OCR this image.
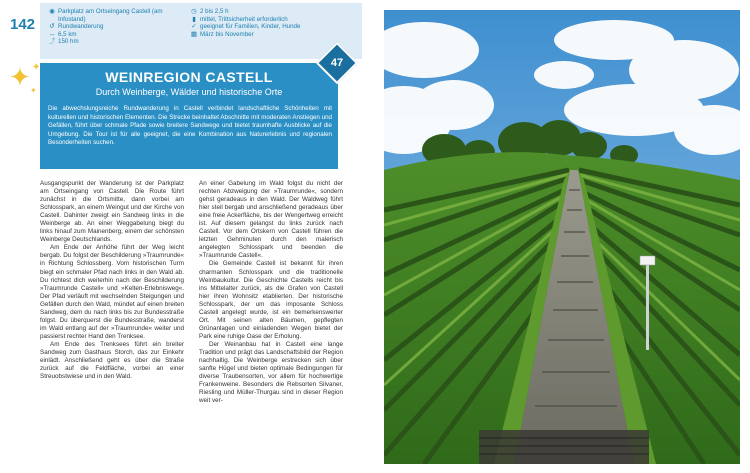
142
◉ Parkplatz am Ortseingang Castell (am Infostand)
↺ Rundwanderung
↔ 6,5 km
⤴ 150 hm
◷ 2 bis 2,5 h
▮ mittel, Trittsicherheit erforderlich
✓ geeignet für Familien, Kinder, Hunde
▦ März bis November
✦ ✦
✦
WEINREGION CASTELL
Durch Weinberge, Wälder und historische Orte
Die abwechslungsreiche Rundwanderung in Castell verbindet landschaftliche Schönheiten mit kulturellen und historischen Elementen. Die Strecke beinhaltet Abschnitte mit moderaten Anstiegen und Gefällen, führt über schmale Pfade sowie breitere Sandwege und bietet traumhafte Ausblicke auf die Umgebung. Die Tour ist für alle geeignet, die eine Kombination aus Naturerlebnis und regionalen Besonderheiten suchen.
47

Ausgangspunkt der Wanderung ist der Parkplatz am Ortseingang von Castell. Die Route führt zunächst in die Ortsmitte, dann vorbei am Schlosspark, an einem Weingut und der Kirche von Castell. Dahinter zweigt ein Sandweg links in die Weinberge ab. An einer Weggabelung biegt du links hinauf zum Mainenberg, einem der schönsten Weinberge Deutschlands.

Am Ende der Anhöhe führt der Weg leicht bergab. Du folgst der Beschilderung »Traumrunde« in Richtung Schlossberg. Vom historischen Turm biegt ein schmaler Pfad nach links in den Wald ab. Du richtest dich weiterhin nach der Beschilderung »Traumrunde Castell« und »Kelten-Erlebnisweg«. Der Pfad verläuft mit wechselnden Steigungen und Gefällen durch den Wald, mündet auf einen breiten Sandweg, dem du nach links bis zur Bundesstraße folgst. Du überquerst die Bundesstraße, wanderst im Wald entlang auf der »Traumrunde« weiter und passierst rechter Hand den Trenksee.

Am Ende des Trenksees führt ein breiter Sandweg zum Gasthaus Storch, das zur Einkehr einlädt. Anschließend geht es über die Straße zurück auf die Feldfläche, vorbei an einer Streuobstwiese und in den Wald.

An einer Gabelung im Wald folgst du nicht der rechten Abzweigung der »Traumrunde«, sondern gehst geradeaus in den Wald. Der Waldweg führt hier steil bergab und anschließend geradeaus über eine freie Ackerfläche, bis der Wengertweg erreicht ist. Auf diesem gelangst du links zurück nach Castell. Vor dem Ortskern von Castell führen die letzten Gehminuten durch den malerisch angelegten Schlosspark und beenden die »Traumrunde Castell«.

Die Gemeinde Castell ist bekannt für ihren charmanten Schlosspark und die traditionelle Weinbaukultur. Die Geschichte Castells reicht bis ins Mittelalter zurück, als die Grafen von Castell hier ihren Wohnsitz etablierten. Der historische Schlosspark, der um das imposante Schloss Castell angelegt wurde, ist ein bemerkenswerter Ort. Mit seinen alten Bäumen, gepflegten Grünanlagen und einladenden Wegen bietet der Park eine ruhige Oase der Erholung.

Der Weinanbau hat in Castell eine lange Tradition und prägt das Landschaftsbild der Region nachhaltig. Die Weinberge erstrecken sich über sanfte Hügel und bieten optimale Bedingungen für diverse Traubensorten, vor allem für hochwertige Frankenweine. Besonders die Rebsorten Silvaner, Riesling und Müller-Thurgau sind in dieser Region weit ver-
